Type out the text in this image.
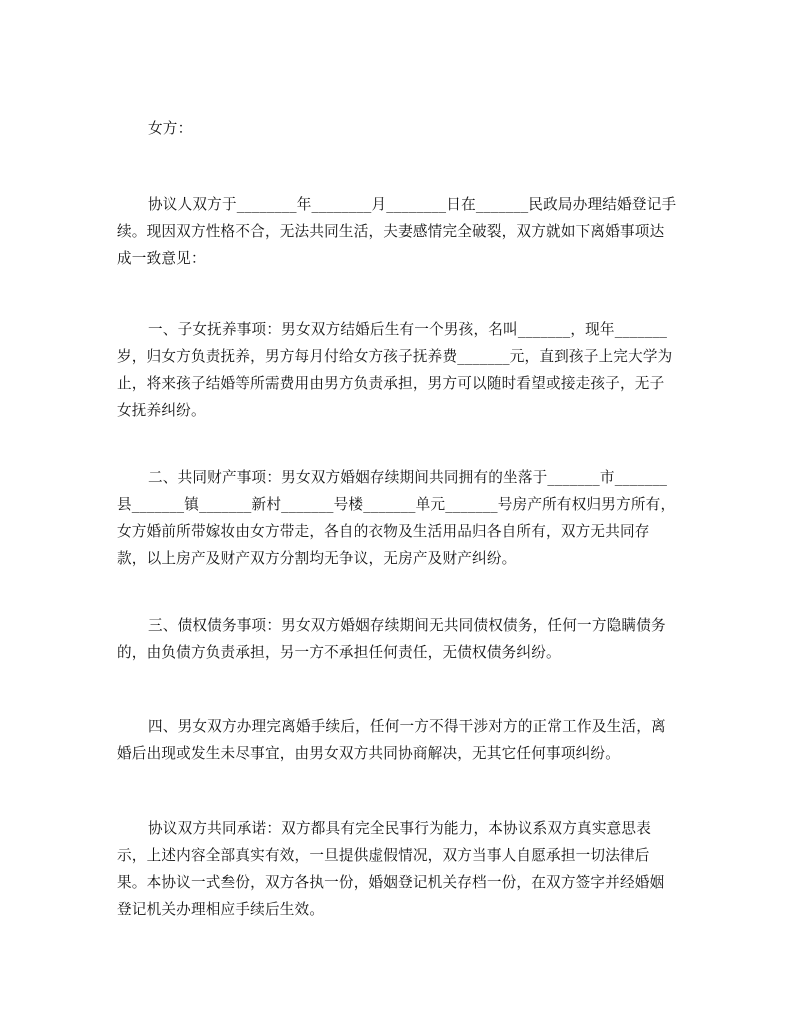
女方：

协议人双方于________年________月________日在_______民政局办理结婚登记手续。现因双方性格不合，无法共同生活，夫妻感情完全破裂，双方就如下离婚事项达成一致意见：

一、子女抚养事项：男女双方结婚后生有一个男孩，名叫_______，现年_______岁，归女方负责抚养，男方每月付给女方孩子抚养费_______元，直到孩子上完大学为止，将来孩子结婚等所需费用由男方负责承担，男方可以随时看望或接走孩子，无子女抚养纠纷。

二、共同财产事项：男女双方婚姻存续期间共同拥有的坐落于_______市_______县_______镇_______新村_______号楼_______单元_______号房产所有权归男方所有，女方婚前所带嫁妆由女方带走，各自的衣物及生活用品归各自所有，双方无共同存款，以上房产及财产双方分割均无争议，无房产及财产纠纷。

三、债权债务事项：男女双方婚姻存续期间无共同债权债务，任何一方隐瞒债务的，由负债方负责承担，另一方不承担任何责任，无债权债务纠纷。

四、男女双方办理完离婚手续后，任何一方不得干涉对方的正常工作及生活，离婚后出现或发生未尽事宜，由男女双方共同协商解决，无其它任何事项纠纷。

协议双方共同承诺：双方都具有完全民事行为能力，本协议系双方真实意思表示，上述内容全部真实有效，一旦提供虚假情况，双方当事人自愿承担一切法律后果。本协议一式叁份，双方各执一份，婚姻登记机关存档一份，在双方签字并经婚姻登记机关办理相应手续后生效。
